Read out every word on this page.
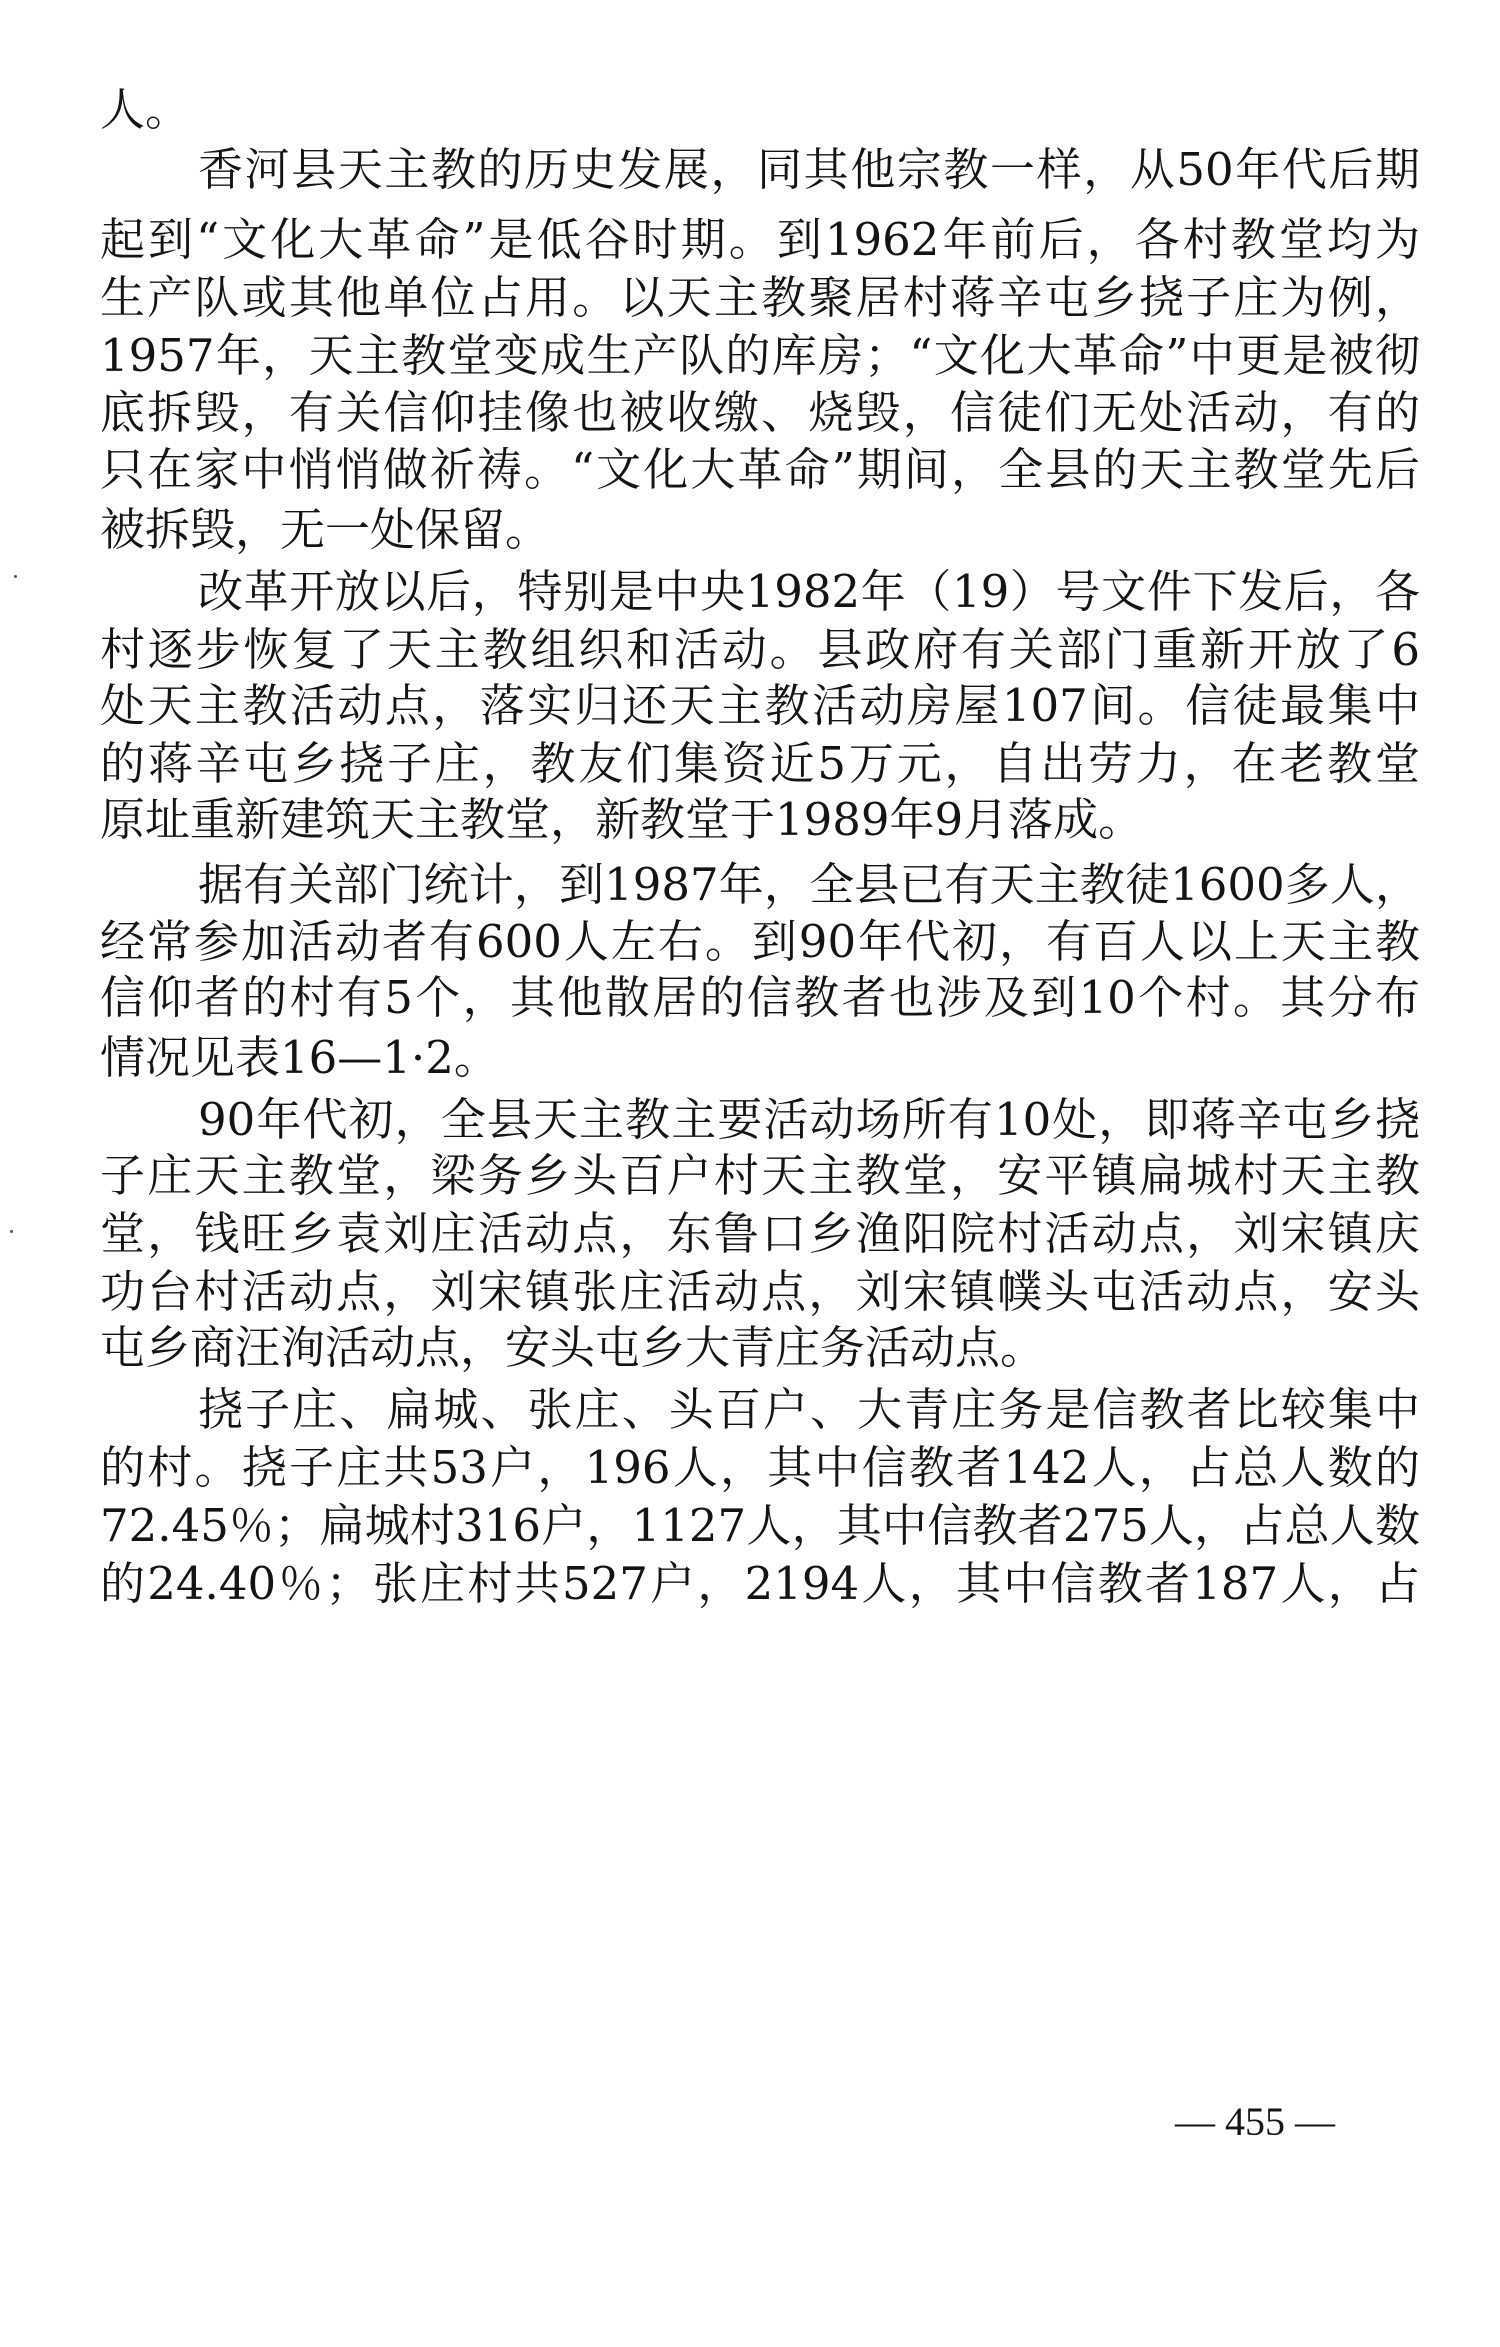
人。
香河县天主教的历史发展，同其他宗教一样，从50年代后期
起到“文化大革命”是低谷时期。到1962年前后，各村教堂均为
生产队或其他单位占用。以天主教聚居村蒋辛屯乡挠子庄为例，
1957年，天主教堂变成生产队的库房；“文化大革命”中更是被彻
底拆毁，有关信仰挂像也被收缴、烧毁，信徒们无处活动，有的
只在家中悄悄做祈祷。“文化大革命”期间，全县的天主教堂先后
被拆毁，无一处保留。
改革开放以后，特别是中央1982年（19）号文件下发后，各
村逐步恢复了天主教组织和活动。县政府有关部门重新开放了6
处天主教活动点，落实归还天主教活动房屋107间。信徒最集中
的蒋辛屯乡挠子庄，教友们集资近5万元，自出劳力，在老教堂
原址重新建筑天主教堂，新教堂于1989年9月落成。
据有关部门统计，到1987年，全县已有天主教徒1600多人，
经常参加活动者有600人左右。到90年代初，有百人以上天主教
信仰者的村有5个，其他散居的信教者也涉及到10个村。其分布
情况见表16—1·2。
90年代初，全县天主教主要活动场所有10处，即蒋辛屯乡挠
子庄天主教堂，梁务乡头百户村天主教堂，安平镇扁城村天主教
堂，钱旺乡袁刘庄活动点，东鲁口乡渔阳院村活动点，刘宋镇庆
功台村活动点，刘宋镇张庄活动点，刘宋镇幞头屯活动点，安头
屯乡商汪洵活动点，安头屯乡大青庄务活动点。
挠子庄、扁城、张庄、头百户、大青庄务是信教者比较集中
的村。挠子庄共53户，196人，其中信教者142人，占总人数的
72.45％；扁城村316户，1127人，其中信教者275人，占总人数
的24.40％；张庄村共527户，2194人，其中信教者187人，占
— 455 —
